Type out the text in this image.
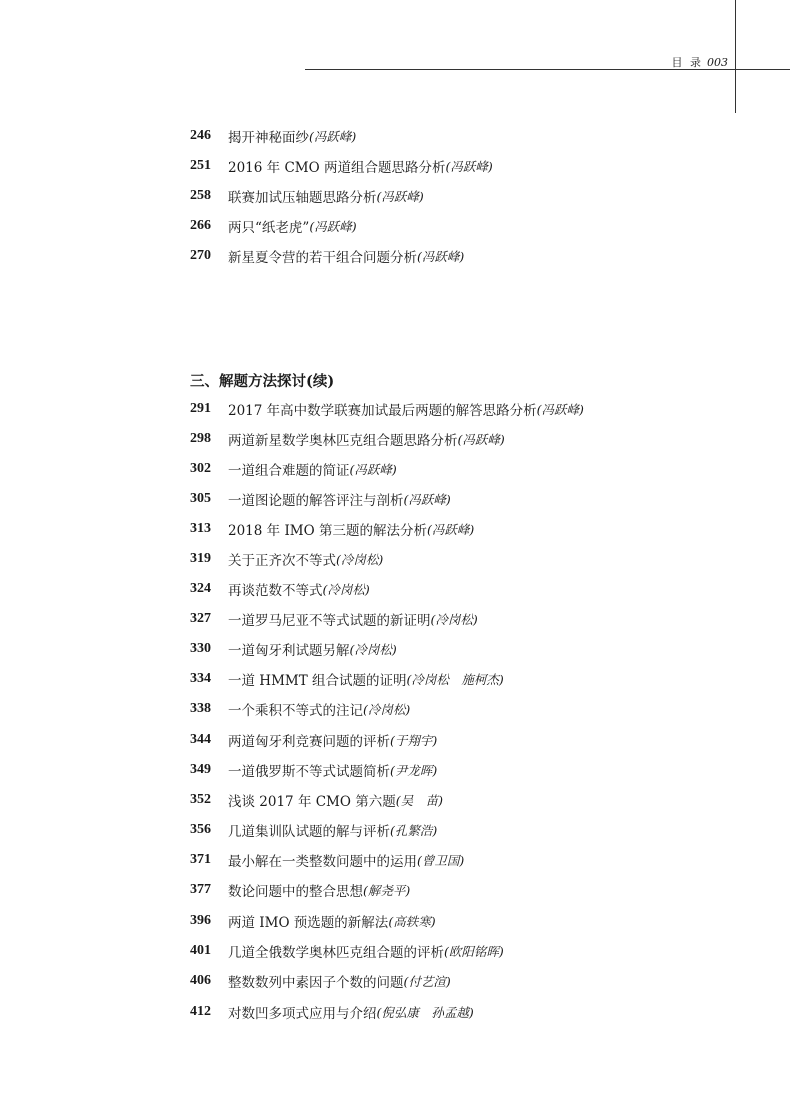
目 录 003
246	揭开神秘面纱 (冯跃峰)
251	2016 年 CMO 两道组合题思路分析 (冯跃峰)
258	联赛加试压轴题思路分析 (冯跃峰)
266	两只“纸老虎” (冯跃峰)
270	新星夏令营的若干组合问题分析 (冯跃峰)
三、解题方法探讨(续)
291	2017 年高中数学联赛加试最后两题的解答思路分析 (冯跃峰)
298	两道新星数学奥林匹克组合题思路分析 (冯跃峰)
302	一道组合难题的简证 (冯跃峰)
305	一道图论题的解答评注与剖析 (冯跃峰)
313	2018 年 IMO 第三题的解法分析 (冯跃峰)
319	关于正齐次不等式 (冷岗松)
324	再谈范数不等式 (冷岗松)
327	一道罗马尼亚不等式试题的新证明 (冷岗松)
330	一道匈牙利试题另解 (冷岗松)
334	一道 HMMT 组合试题的证明 (冷岗松　施柯杰)
338	一个乘积不等式的注记 (冷岗松)
344	两道匈牙利竞赛问题的评析 (于翔宇)
349	一道俄罗斯不等式试题简析 (尹龙晖)
352	浅谈 2017 年 CMO 第六题 (吴　苗)
356	几道集训队试题的解与评析 (孔繁浩)
371	最小解在一类整数问题中的运用 (曾卫国)
377	数论问题中的整合思想 (解尧平)
396	两道 IMO 预选题的新解法 (高轶寒)
401	几道全俄数学奥林匹克组合题的评析 (欧阳铭晖)
406	整数数列中素因子个数的问题 (付艺渲)
412	对数凹多项式应用与介绍 (倪弘康　孙孟越)
